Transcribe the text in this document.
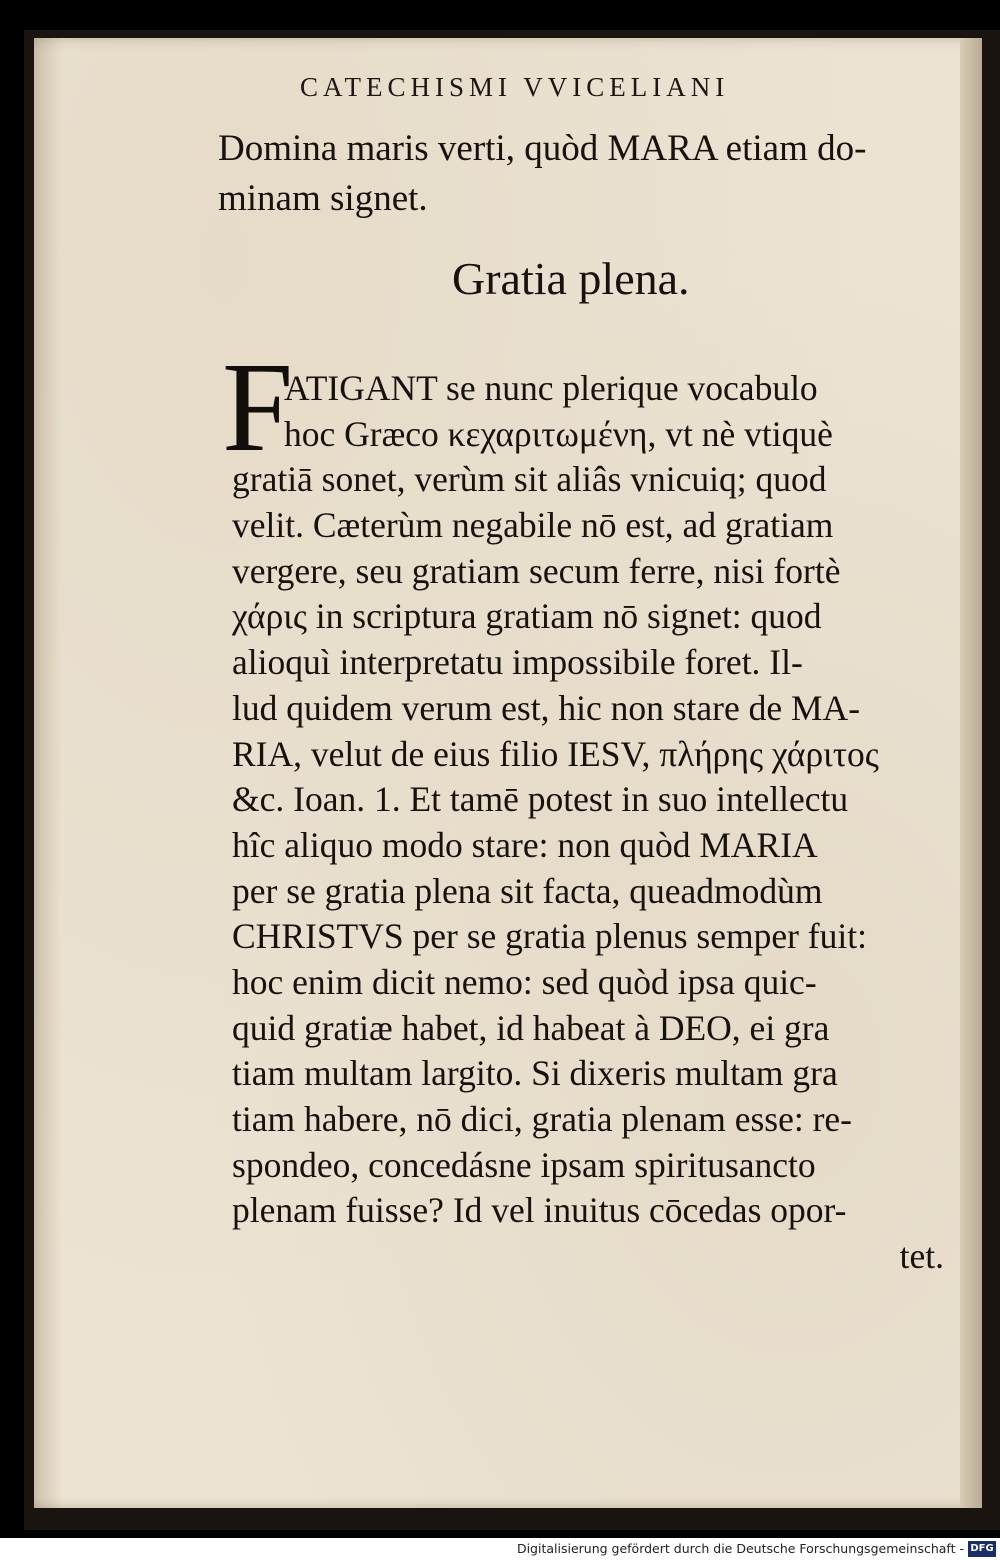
CATECHISMI VVICELIANI
Domina maris verti, quòd MARA etiam do-
minam signet.
Gratia plena.
F
ATIGANT se nunc plerique vocabulo
hoc Græco κεχαριτωμένη, vt nè vtiquè
gratiā sonet, verùm sit aliâs vnicuiq; quod
velit. Cæterùm negabile nō est, ad gratiam
vergere, seu gratiam secum ferre, nisi fortè
χάρις in scriptura gratiam nō signet: quod
alioquì interpretatu impossibile foret. Il-
lud quidem verum est, hic non stare de MA-
RIA, velut de eius filio IESV, πλήρης χάριτος
&c. Ioan. 1. Et tamē potest in suo intellectu
hîc aliquo modo stare: non quòd MARIA
per se gratia plena sit facta, queadmodùm
CHRISTVS per se gratia plenus semper fuit:
hoc enim dicit nemo: sed quòd ipsa quic-
quid gratiæ habet, id habeat à DEO, ei gra
tiam multam largito. Si dixeris multam gra
tiam habere, nō dici, gratia plenam esse: re-
spondeo, concedásne ipsam spiritusancto
plenam fuisse? Id vel inuitus cōcedas opor-
tet.
Digitalisierung gefördert durch die Deutsche Forschungsgemeinschaft - DFG
